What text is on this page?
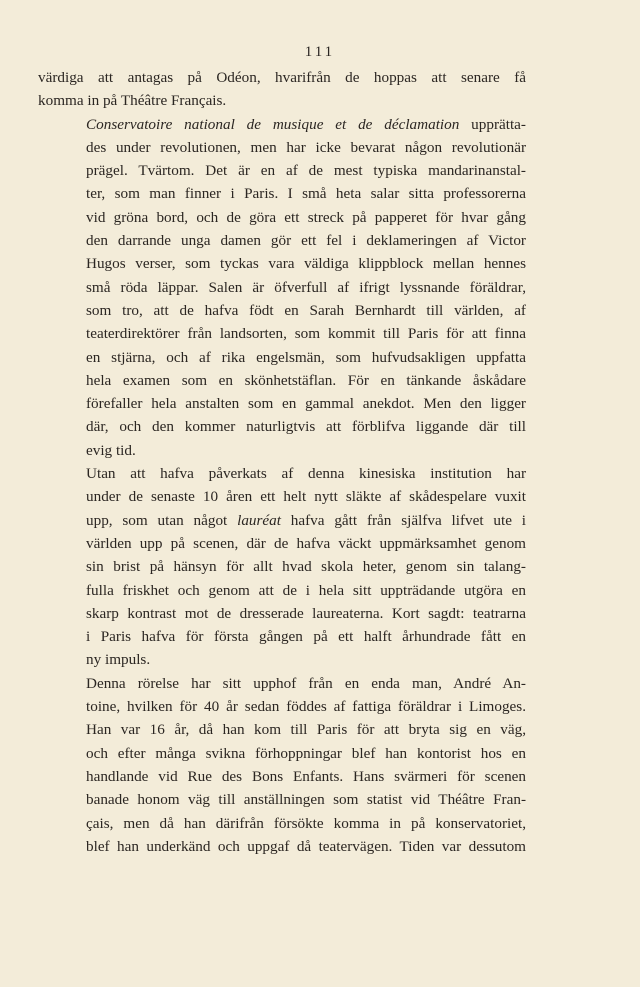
111

värdiga att antagas på Odéon, hvarifrån de hoppas att senare få
komma in på Théâtre Français.

Conservatoire national de musique et de déclamation upprätta-
des under revolutionen, men har icke bevarat någon revolutionär
prägel. Tvärtom. Det är en af de mest typiska mandarinanstal-
ter, som man finner i Paris. I små heta salar sitta professorerna
vid gröna bord, och de göra ett streck på papperet för hvar gång
den darrande unga damen gör ett fel i deklameringen af Victor
Hugos verser, som tyckas vara väldiga klippblock mellan hennes
små röda läppar. Salen är öfverfull af ifrigt lyssnande föräldrar,
som tro, att de hafva födt en Sarah Bernhardt till världen, af
teaterdirektörer från landsorten, som kommit till Paris för att finna
en stjärna, och af rika engelsmän, som hufvudsakligen uppfatta
hela examen som en skönhetstäflan. För en tänkande åskådare
förefaller hela anstalten som en gammal anekdot. Men den ligger
där, och den kommer naturligtvis att förblifva liggande där till
evig tid.

Utan att hafva påverkats af denna kinesiska institution har
under de senaste 10 åren ett helt nytt släkte af skådespelare vuxit
upp, som utan något lauréat hafva gått från själfva lifvet ute i
världen upp på scenen, där de hafva väckt uppmärksamhet genom
sin brist på hänsyn för allt hvad skola heter, genom sin talang-
fulla friskhet och genom att de i hela sitt uppträdande utgöra en
skarp kontrast mot de dresserade laureaterna. Kort sagdt: teatrarna
i Paris hafva för första gången på ett halft århundrade fått en
ny impuls.

Denna rörelse har sitt upphof från en enda man, André An-
toine, hvilken för 40 år sedan föddes af fattiga föräldrar i Limoges.
Han var 16 år, då han kom till Paris för att bryta sig en väg,
och efter många svikna förhoppningar blef han kontorist hos en
handlande vid Rue des Bons Enfants. Hans svärmeri för scenen
banade honom väg till anställningen som statist vid Théâtre Fran-
çais, men då han därifrån försökte komma in på konservatoriet,
blef han underkänd och uppgaf då teatervägen. Tiden var dessutom
